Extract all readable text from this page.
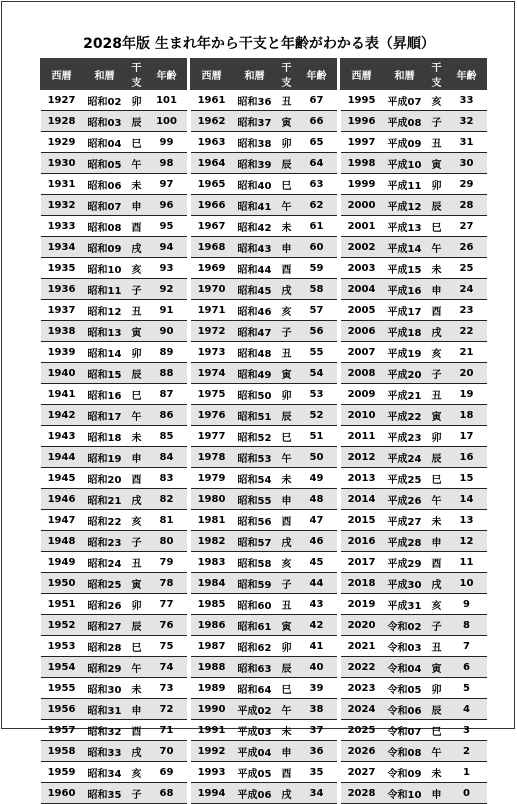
2028年版 生まれ年から干支と年齢がわかる表（昇順）
西暦	和暦	干支	年齢
1927	昭和02	卯	101
1928	昭和03	辰	100
1929	昭和04	巳	99
1930	昭和05	午	98
1931	昭和06	未	97
1932	昭和07	申	96
1933	昭和08	酉	95
1934	昭和09	戌	94
1935	昭和10	亥	93
1936	昭和11	子	92
1937	昭和12	丑	91
1938	昭和13	寅	90
1939	昭和14	卯	89
1940	昭和15	辰	88
1941	昭和16	巳	87
1942	昭和17	午	86
1943	昭和18	未	85
1944	昭和19	申	84
1945	昭和20	酉	83
1946	昭和21	戌	82
1947	昭和22	亥	81
1948	昭和23	子	80
1949	昭和24	丑	79
1950	昭和25	寅	78
1951	昭和26	卯	77
1952	昭和27	辰	76
1953	昭和28	巳	75
1954	昭和29	午	74
1955	昭和30	未	73
1956	昭和31	申	72
1957	昭和32	酉	71
1958	昭和33	戌	70
1959	昭和34	亥	69
1960	昭和35	子	68
西暦	和暦	干支	年齢
1961	昭和36	丑	67
1962	昭和37	寅	66
1963	昭和38	卯	65
1964	昭和39	辰	64
1965	昭和40	巳	63
1966	昭和41	午	62
1967	昭和42	未	61
1968	昭和43	申	60
1969	昭和44	酉	59
1970	昭和45	戌	58
1971	昭和46	亥	57
1972	昭和47	子	56
1973	昭和48	丑	55
1974	昭和49	寅	54
1975	昭和50	卯	53
1976	昭和51	辰	52
1977	昭和52	巳	51
1978	昭和53	午	50
1979	昭和54	未	49
1980	昭和55	申	48
1981	昭和56	酉	47
1982	昭和57	戌	46
1983	昭和58	亥	45
1984	昭和59	子	44
1985	昭和60	丑	43
1986	昭和61	寅	42
1987	昭和62	卯	41
1988	昭和63	辰	40
1989	昭和64	巳	39
1990	平成02	午	38
1991	平成03	未	37
1992	平成04	申	36
1993	平成05	酉	35
1994	平成06	戌	34
西暦	和暦	干支	年齢
1995	平成07	亥	33
1996	平成08	子	32
1997	平成09	丑	31
1998	平成10	寅	30
1999	平成11	卯	29
2000	平成12	辰	28
2001	平成13	巳	27
2002	平成14	午	26
2003	平成15	未	25
2004	平成16	申	24
2005	平成17	酉	23
2006	平成18	戌	22
2007	平成19	亥	21
2008	平成20	子	20
2009	平成21	丑	19
2010	平成22	寅	18
2011	平成23	卯	17
2012	平成24	辰	16
2013	平成25	巳	15
2014	平成26	午	14
2015	平成27	未	13
2016	平成28	申	12
2017	平成29	酉	11
2018	平成30	戌	10
2019	平成31	亥	9
2020	令和02	子	8
2021	令和03	丑	7
2022	令和04	寅	6
2023	令和05	卯	5
2024	令和06	辰	4
2025	令和07	巳	3
2026	令和08	午	2
2027	令和09	未	1
2028	令和10	申	0
